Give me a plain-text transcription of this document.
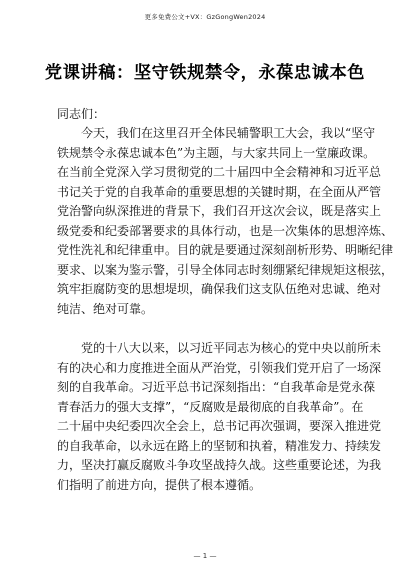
更多免费公文+VX：GzGongWen2024
党课讲稿：坚守铁规禁令，永葆忠诚本色
同志们：
今天，我们在这里召开全体民辅警职工大会，我以“坚守
铁规禁令永葆忠诚本色”为主题，与大家共同上一堂廉政课。
在当前全党深入学习贯彻党的二十届四中全会精神和习近平总
书记关于党的自我革命的重要思想的关键时期，在全面从严管
党治警向纵深推进的背景下，我们召开这次会议，既是落实上
级党委和纪委部署要求的具体行动，也是一次集体的思想淬炼、
党性洗礼和纪律重申。目的就是要通过深刻剖析形势、明晰纪律
要求、以案为鉴示警，引导全体同志时刻绷紧纪律规矩这根弦，
筑牢拒腐防变的思想堤坝，确保我们这支队伍绝对忠诚、绝对
纯洁、绝对可靠。
党的十八大以来，以习近平同志为核心的党中央以前所未
有的决心和力度推进全面从严治党，引领我们党开启了一场深
刻的自我革命。习近平总书记深刻指出：“自我革命是党永葆
青春活力的强大支撑”，“反腐败是最彻底的自我革命”。在
二十届中央纪委四次全会上，总书记再次强调，要深入推进党
的自我革命，以永远在路上的坚韧和执着，精准发力、持续发
力，坚决打赢反腐败斗争攻坚战持久战。这些重要论述，为我
们指明了前进方向，提供了根本遵循。
— 1 —
